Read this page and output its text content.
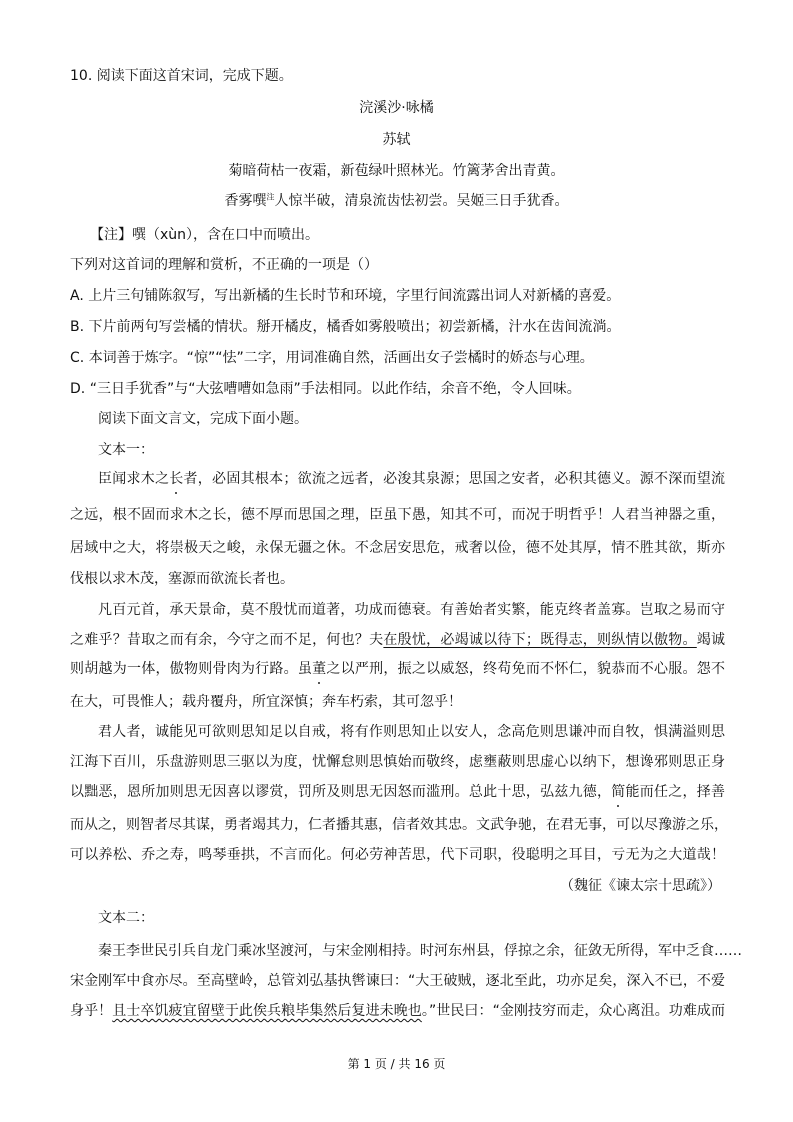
10. 阅读下面这首宋词，完成下题。
浣溪沙·咏橘
苏轼
菊暗荷枯一夜霜，新苞绿叶照林光。竹篱茅舍出青黄。
香雾噀$^注$人惊半破，清泉流齿怯初尝。吴姬三日手犹香。
【注】噀（xùn），含在口中而喷出。
下列对这首词的理解和赏析，不正确的一项是（）
A. 上片三句铺陈叙写，写出新橘的生长时节和环境，字里行间流露出词人对新橘的喜爱。
B. 下片前两句写尝橘的情状。掰开橘皮，橘香如雾般喷出；初尝新橘，汁水在齿间流淌。
C. 本词善于炼字。“惊”“怯”二字，用词准确自然，活画出女子尝橘时的娇态与心理。
D. “三日手犹香”与“大弦嘈嘈如急雨”手法相同。以此作结，余音不绝，令人回味。
阅读下面文言文，完成下面小题。
文本一：
臣闻求木之长者，必固其根本；欲流之远者，必浚其泉源；思国之安者，必积其德义。源不深而望流
之远，根不固而求木之长，德不厚而思国之理，臣虽下愚，知其不可，而况于明哲乎！人君当神器之重，
居域中之大，将崇极天之峻，永保无疆之休。不念居安思危，戒奢以俭，德不处其厚，情不胜其欲，斯亦
伐根以求木茂，塞源而欲流长者也。
凡百元首，承天景命，莫不殷忧而道著，功成而德衰。有善始者实繁，能克终者盖寡。岂取之易而守
之难乎？昔取之而有余，今守之而不足，何也？夫在殷忧，必竭诚以待下；既得志，则纵情以傲物。竭诚
则胡越为一体，傲物则骨肉为行路。虽董之以严刑，振之以威怒，终苟免而不怀仁，貌恭而不心服。怨不
在大，可畏惟人；载舟覆舟，所宜深慎；奔车朽索，其可忽乎！
君人者，诚能见可欲则思知足以自戒，将有作则思知止以安人，念高危则思谦冲而自牧，惧满溢则思
江海下百川，乐盘游则思三驱以为度，忧懈怠则思慎始而敬终，虑壅蔽则思虚心以纳下，想谗邪则思正身
以黜恶，恩所加则思无因喜以谬赏，罚所及则思无因怒而滥刑。总此十思，弘兹九德，简能而任之，择善
而从之，则智者尽其谋，勇者竭其力，仁者播其惠，信者效其忠。文武争驰，在君无事，可以尽豫游之乐，
可以养松、乔之寿，鸣琴垂拱，不言而化。何必劳神苦思，代下司职，役聪明之耳目，亏无为之大道哉！
（魏征《谏太宗十思疏》）
文本二：
秦王李世民引兵自龙门乘冰坚渡河，与宋金刚相持。时河东州县，俘掠之余，征敛无所得，军中乏食……
宋金刚军中食亦尽。至高壁岭，总管刘弘基执辔谏曰：“大王破贼，逐北至此，功亦足矣，深入不已，不爱
身乎！且士卒饥疲宜留壁于此俟兵粮毕集然后复进未晚也。”世民曰：“金刚技穷而走，众心离沮。功难成而
第 1 页 / 共 16 页
